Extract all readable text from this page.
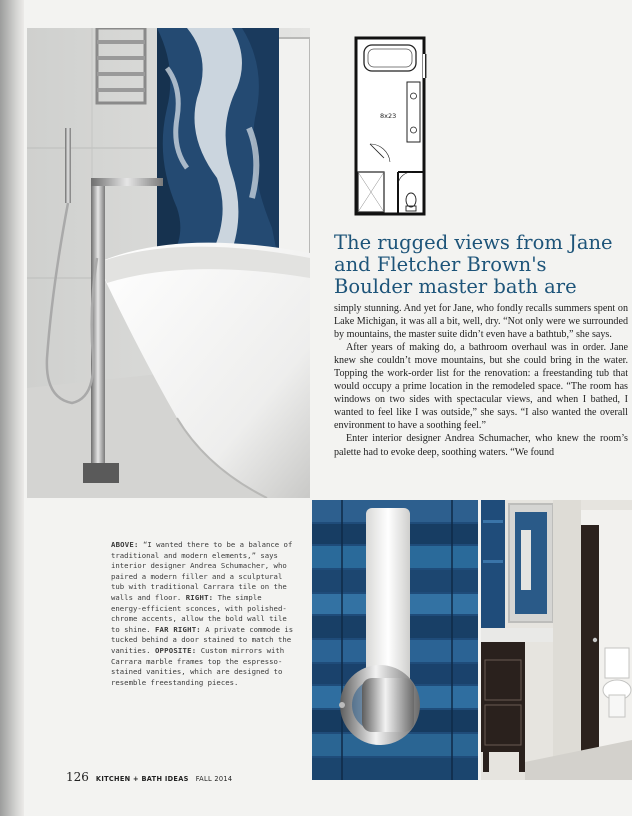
8x23
The rugged views from Jane and Fletcher Brown's Boulder master bath are

simply stunning. And yet for Jane, who fondly recalls summers spent on Lake Michigan, it was all a bit, well, dry. “Not only were we surrounded by mountains, the master suite didn’t even have a bathtub,” she says.

After years of making do, a bathroom overhaul was in order. Jane knew she couldn’t move mountains, but she could bring in the water. Topping the work-order list for the renovation: a freestanding tub that would occupy a prime location in the remodeled space. “The room has windows on two sides with spectacular views, and when I bathed, I wanted to feel like I was outside,” she says. “I also wanted the overall environment to have a soothing feel.”

Enter interior designer Andrea Schumacher, who knew the room’s palette had to evoke deep, soothing waters. “We found

ABOVE: “I wanted there to be a balance of traditional and modern elements,” says interior designer Andrea Schumacher, who paired a modern filler and a sculptural tub with traditional Carrara tile on the walls and floor. RIGHT: The simple energy-efficient sconces, with polished-chrome accents, allow the bold wall tile to shine. FAR RIGHT: A private commode is tucked behind a door stained to match the vanities. OPPOSITE: Custom mirrors with Carrara marble frames top the espresso-stained vanities, which are designed to resemble freestanding pieces.
126 KITCHEN + BATH IDEAS FALL 2014
